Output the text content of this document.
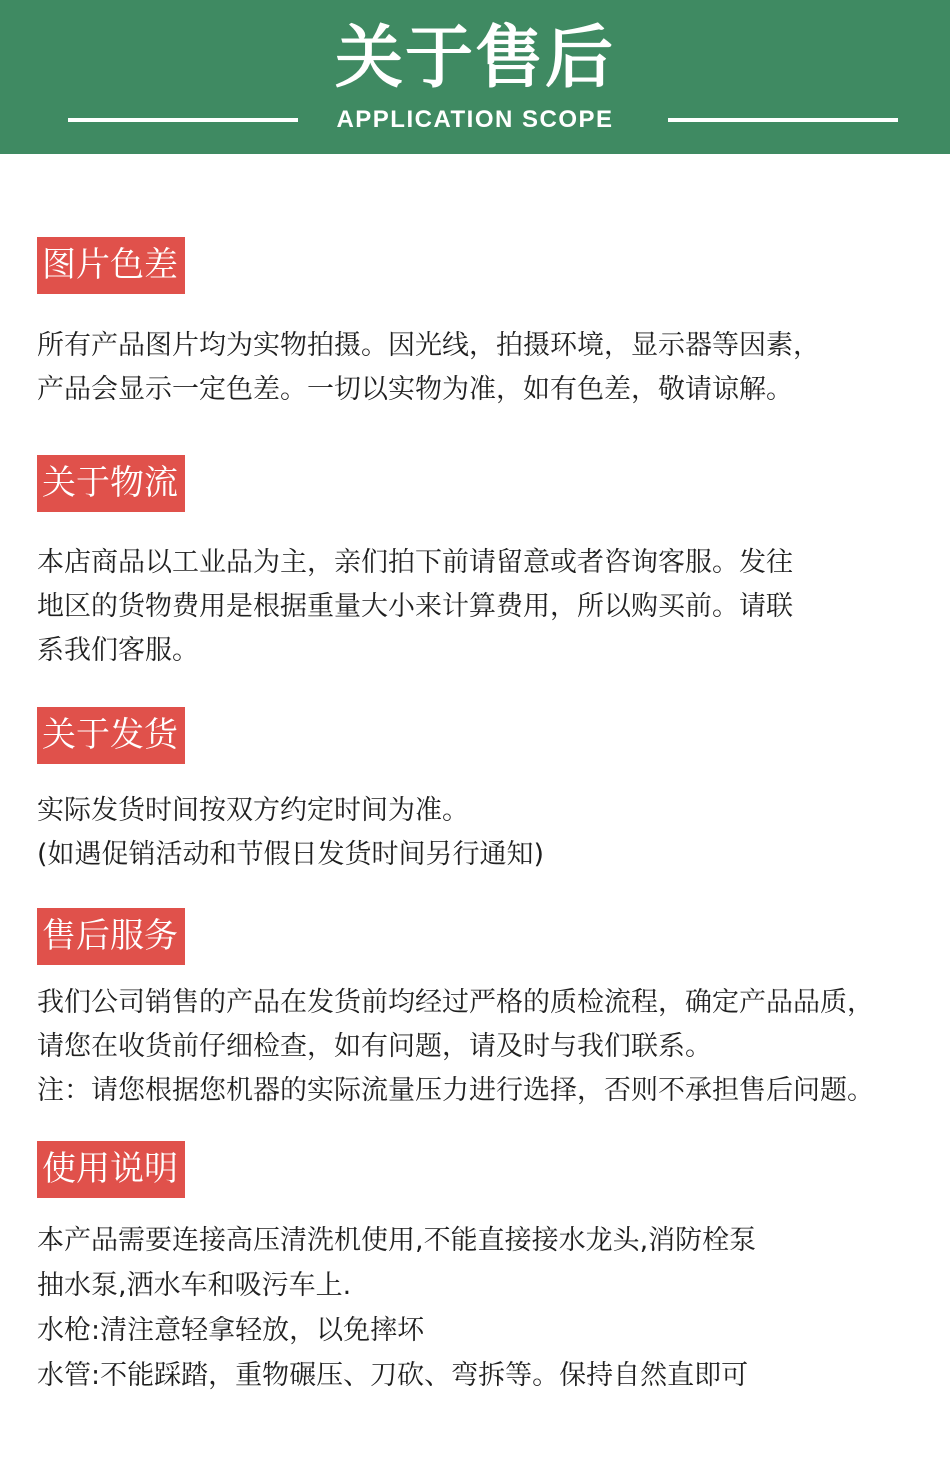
关于售后
APPLICATION SCOPE
图片色差
所有产品图片均为实物拍摄。因光线，拍摄环境，显示器等因素，
产品会显示一定色差。一切以实物为准，如有色差，敬请谅解。
关于物流
本店商品以工业品为主，亲们拍下前请留意或者咨询客服。发往
地区的货物费用是根据重量大小来计算费用，所以购买前。请联
系我们客服。
关于发货
实际发货时间按双方约定时间为准。
(如遇促销活动和节假日发货时间另行通知)
售后服务
我们公司销售的产品在发货前均经过严格的质检流程，确定产品品质，
请您在收货前仔细检查，如有问题，请及时与我们联系。
注：请您根据您机器的实际流量压力进行选择，否则不承担售后问题。
使用说明
本产品需要连接高压清洗机使用,不能直接接水龙头,消防栓泵
抽水泵,洒水车和吸污车上.
水枪:清注意轻拿轻放，以免摔坏
水管:不能踩踏，重物碾压、刀砍、弯拆等。保持自然直即可
